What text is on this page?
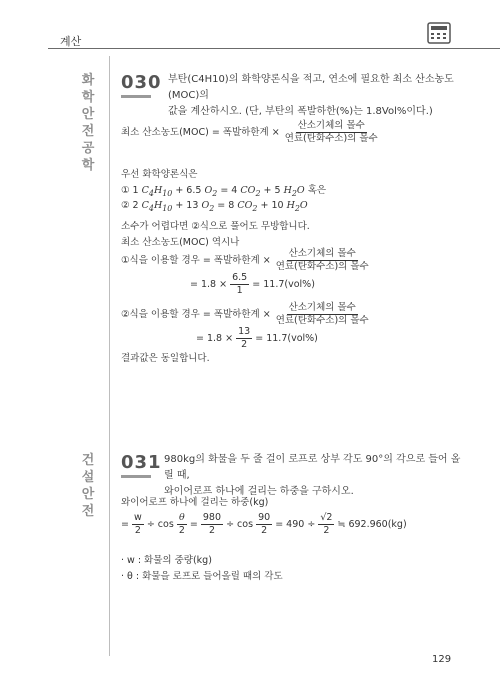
계산
화학
안전
공학
030 부탄(C4H10)의 화학양론식을 적고, 연소에 필요한 최소 산소농도(MOC)의
값을 계산하시오. (단, 부탄의 폭발하한(%)는 1.8Vol%이다.)
최소 산소농도(MOC) = 폭발하한계 × $\frac{\text{산소기체의 몰수}}{\text{연료(탄화수소)의 몰수}}$
우선 화학양론식은
① 1 $C_4H_{10} + 6.5$ $O_2 = 4$ $CO_2 + 5$ $H_2O$ 혹은
② 2 $C_4H_{10} + 13$ $O_2 = 8$ $CO_2 + 10$ $H_2O$
소수가 어렵다면 ②식으로 풀어도 무방합니다.
최소 산소농도(MOC) 역시나
①식을 이용할 경우 = 폭발하한계 × $\frac{\text{산소기체의 몰수}}{\text{연료(탄화수소)의 몰수}}$
= $1.8 \times \frac{6.5}{1} = 11.7(vol\%)$
②식을 이용할 경우 = 폭발하한계 × $\frac{\text{산소기체의 몰수}}{\text{연료(탄화수소)의 몰수}}$
= $1.8 \times \frac{13}{2} = 11.7(vol\%)$
결과값은 동일합니다.
건설
안전
031 980kg의 화물을 두 줄 걸이 로프로 상부 각도 90°의 각으로 들어 올릴 때,
와이어로프 하나에 걸리는 하중을 구하시오.
와이어로프 하나에 걸리는 하중(kg)
= $\frac{w}{2} \div \cos \frac{\theta}{2} = \frac{980}{2} \div \cos \frac{90}{2} = 490 \div \frac{√2}{2}$ ≒ 692.960(kg)
· w : 화물의 중량(kg)
· θ : 화물을 로프로 들어올릴 때의 각도
129
